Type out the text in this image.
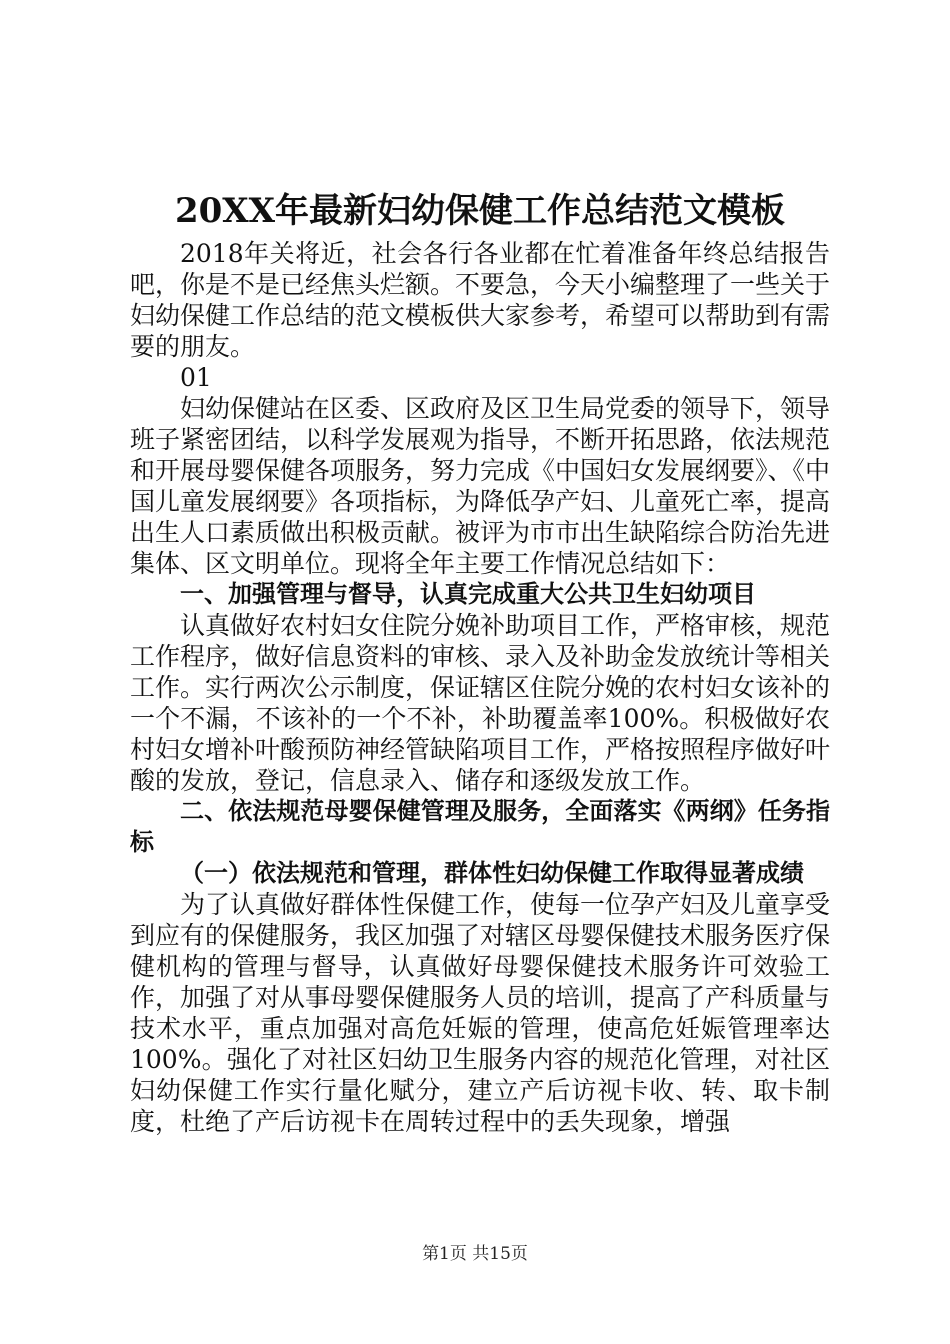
20XX年最新妇幼保健工作总结范文模板

2018年关将近，社会各行各业都在忙着准备年终总结报告吧，你是不是已经焦头烂额。不要急，今天小编整理了一些关于妇幼保健工作总结的范文模板供大家参考，希望可以帮助到有需要的朋友。

01

妇幼保健站在区委、区政府及区卫生局党委的领导下，领导班子紧密团结，以科学发展观为指导，不断开拓思路，依法规范和开展母婴保健各项服务，努力完成《中国妇女发展纲要》、《中国儿童发展纲要》各项指标，为降低孕产妇、儿童死亡率，提高出生人口素质做出积极贡献。被评为市市出生缺陷综合防治先进集体、区文明单位。现将全年主要工作情况总结如下：

一、加强管理与督导，认真完成重大公共卫生妇幼项目

认真做好农村妇女住院分娩补助项目工作，严格审核，规范工作程序，做好信息资料的审核、录入及补助金发放统计等相关工作。实行两次公示制度，保证辖区住院分娩的农村妇女该补的一个不漏，不该补的一个不补，补助覆盖率100%。积极做好农村妇女增补叶酸预防神经管缺陷项目工作，严格按照程序做好叶酸的发放，登记，信息录入、储存和逐级发放工作。

二、依法规范母婴保健管理及服务，全面落实《两纲》任务指标

（一）依法规范和管理，群体性妇幼保健工作取得显著成绩

为了认真做好群体性保健工作，使每一位孕产妇及儿童享受到应有的保健服务，我区加强了对辖区母婴保健技术服务医疗保健机构的管理与督导，认真做好母婴保健技术服务许可效验工作，加强了对从事母婴保健服务人员的培训，提高了产科质量与技术水平，重点加强对高危妊娠的管理，使高危妊娠管理率达100%。强化了对社区妇幼卫生服务内容的规范化管理，对社区妇幼保健工作实行量化赋分，建立产后访视卡收、转、取卡制度，杜绝了产后访视卡在周转过程中的丢失现象，增强

第1页 共15页
